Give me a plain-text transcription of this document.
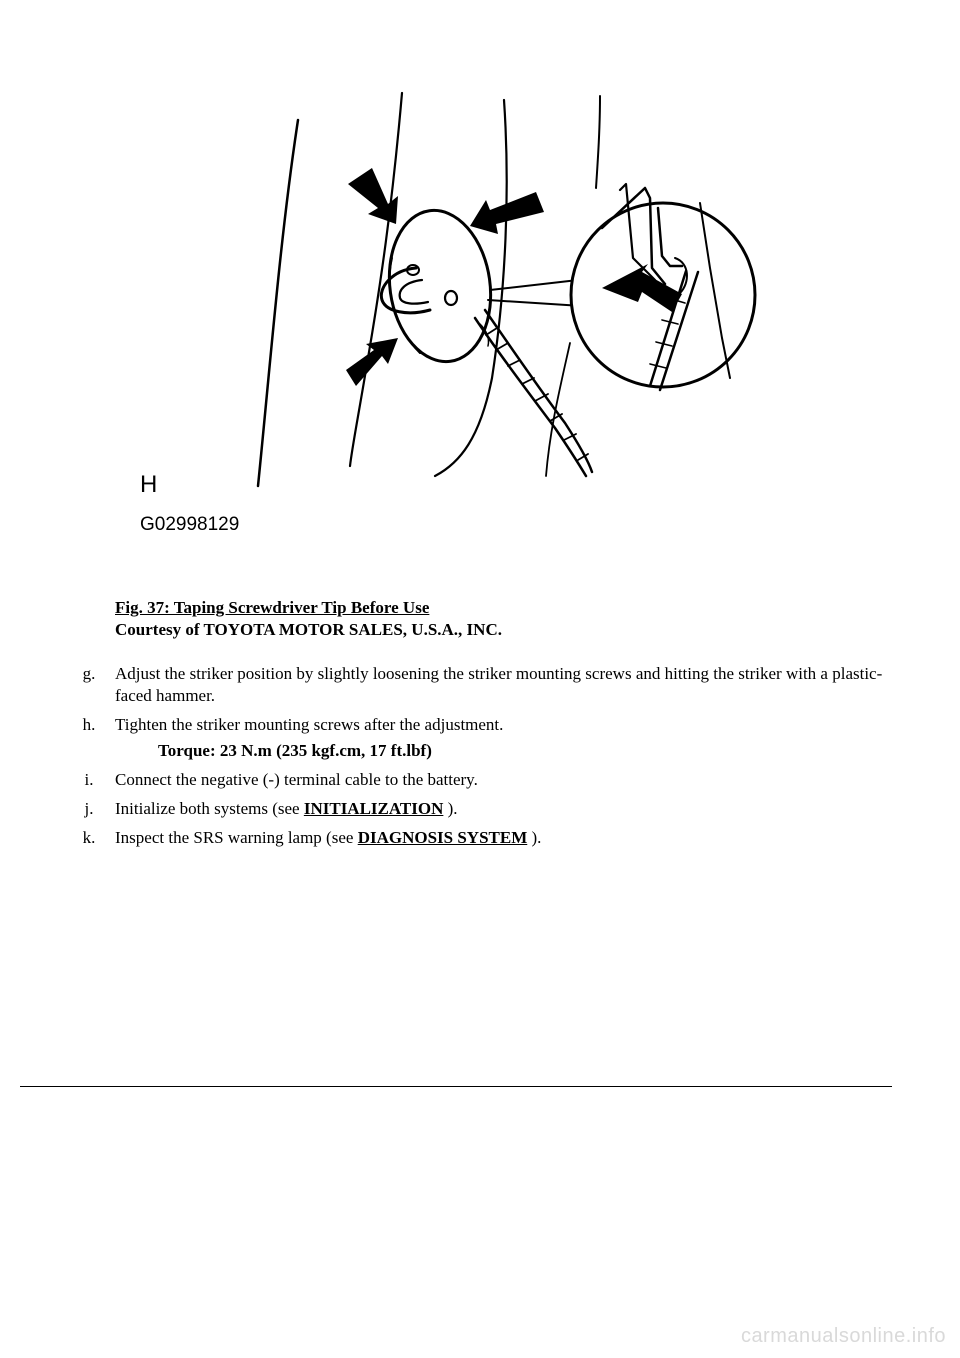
H
G02998129
Fig. 37: Taping Screwdriver Tip Before Use
Courtesy of TOYOTA MOTOR SALES, U.S.A., INC.
g.	Adjust the striker position by slightly loosening the striker mounting screws and hitting the striker with a plastic-faced hammer.
h.	Tighten the striker mounting screws after the adjustment.
Torque: 23 N.m (235 kgf.cm, 17 ft.lbf)
i.	Connect the negative (-) terminal cable to the battery.
j.	Initialize both systems (see INITIALIZATION ).
k.	Inspect the SRS warning lamp (see DIAGNOSIS SYSTEM ).
carmanualsonline.info
